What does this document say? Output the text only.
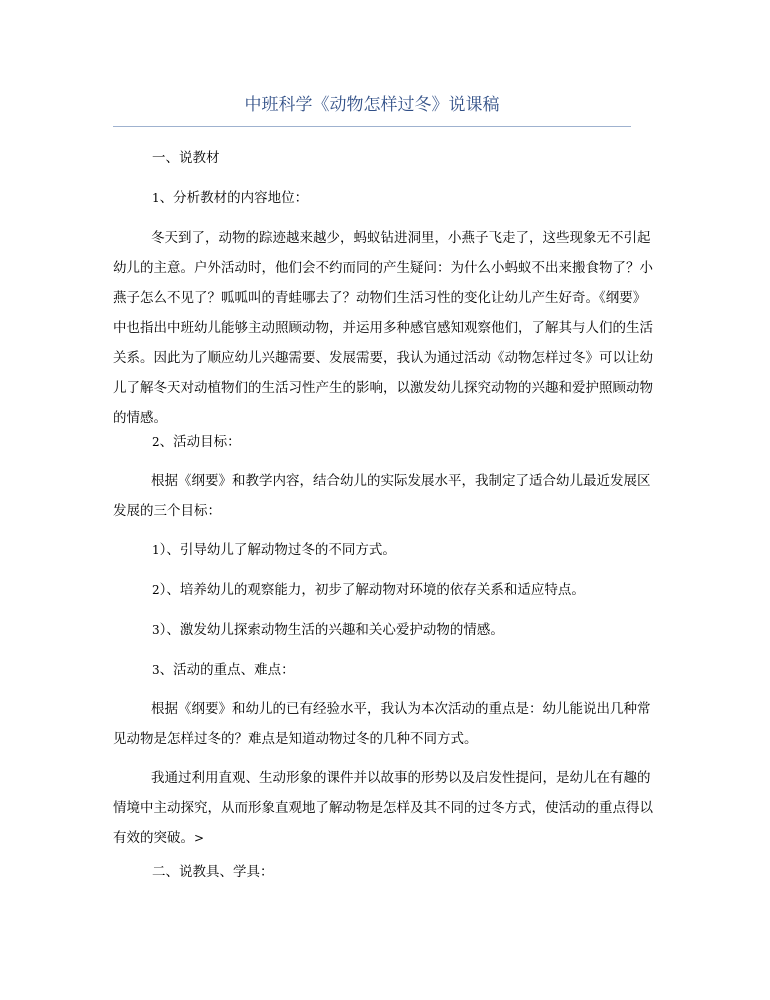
中班科学《动物怎样过冬》说课稿

一、说教材

1、分析教材的内容地位：

冬天到了，动物的踪迹越来越少，蚂蚁钻进洞里，小燕子飞走了，这些现象无不引起幼儿的主意。户外活动时，他们会不约而同的产生疑问：为什么小蚂蚁不出来搬食物了？小燕子怎么不见了？呱呱叫的青蛙哪去了？动物们生活习性的变化让幼儿产生好奇。《纲要》中也指出中班幼儿能够主动照顾动物，并运用多种感官感知观察他们，了解其与人们的生活关系。因此为了顺应幼儿兴趣需要、发展需要，我认为通过活动《动物怎样过冬》可以让幼儿了解冬天对动植物们的生活习性产生的影响，以激发幼儿探究动物的兴趣和爱护照顾动物的情感。

2、活动目标：

根据《纲要》和教学内容，结合幼儿的实际发展水平，我制定了适合幼儿最近发展区发展的三个目标：

1）、引导幼儿了解动物过冬的不同方式。

2）、培养幼儿的观察能力，初步了解动物对环境的依存关系和适应特点。

3）、激发幼儿探索动物生活的兴趣和关心爱护动物的情感。

3、活动的重点、难点：

根据《纲要》和幼儿的已有经验水平，我认为本次活动的重点是：幼儿能说出几种常见动物是怎样过冬的？难点是知道动物过冬的几种不同方式。

我通过利用直观、生动形象的课件并以故事的形势以及启发性提问，是幼儿在有趣的情境中主动探究，从而形象直观地了解动物是怎样及其不同的过冬方式，使活动的重点得以有效的突破。>

二、说教具、学具：
